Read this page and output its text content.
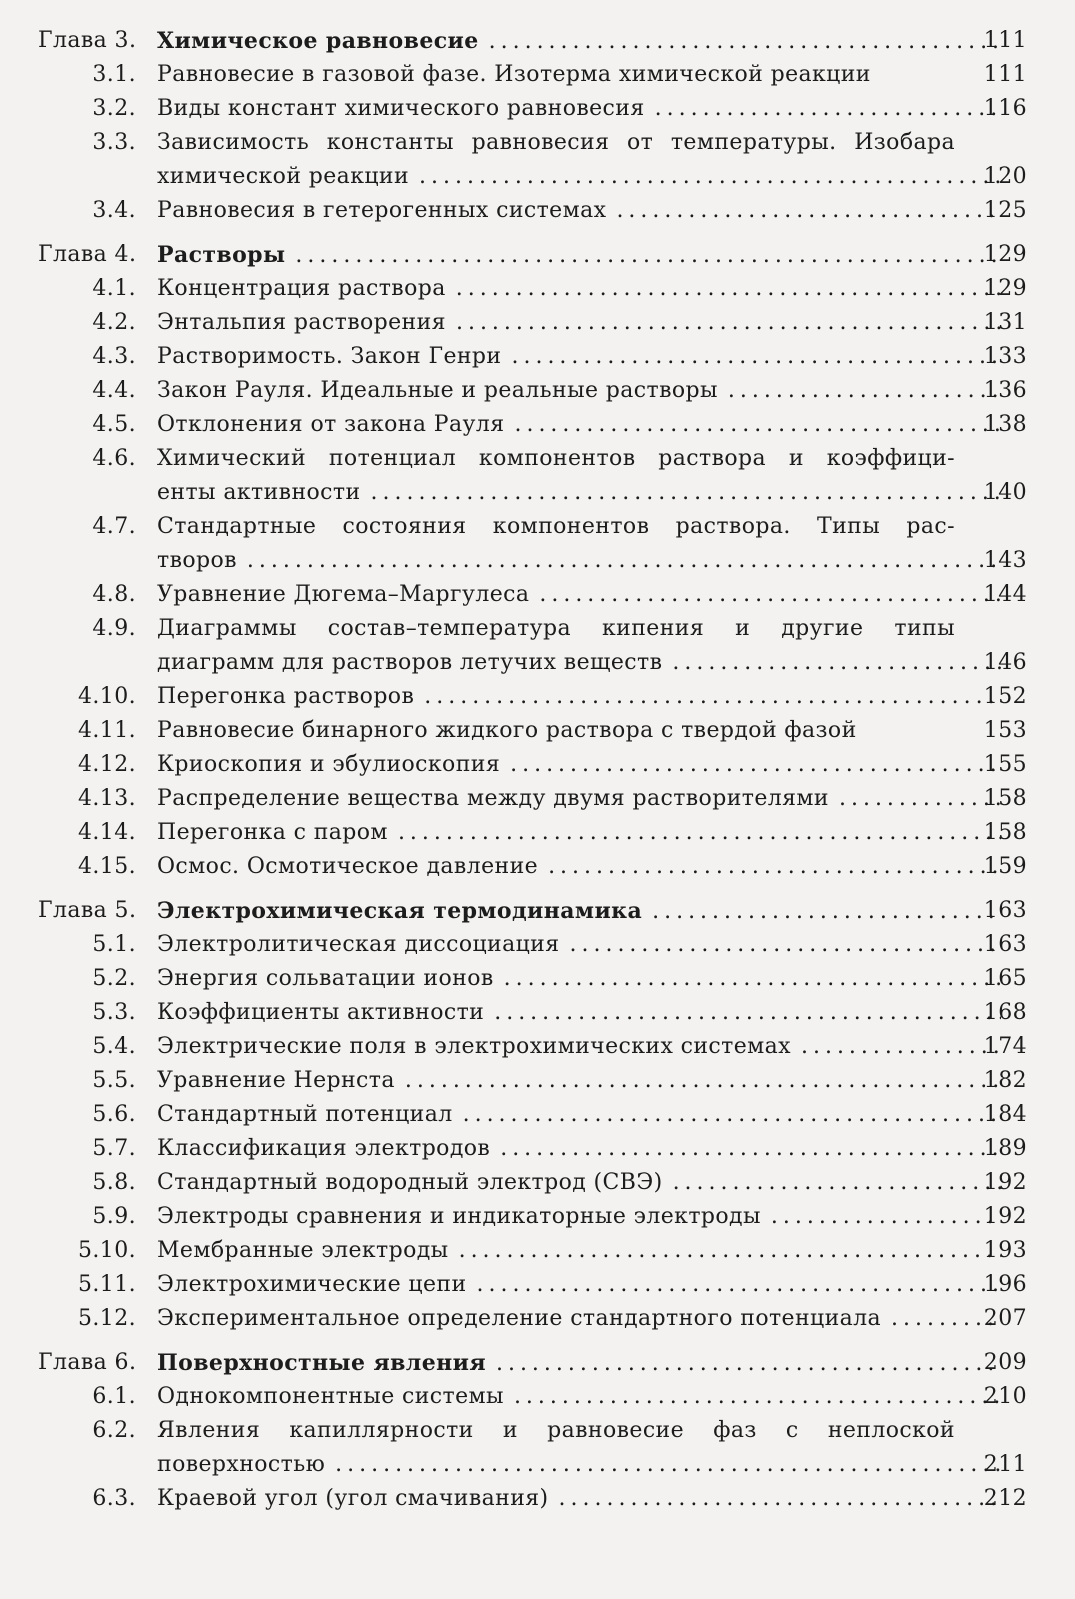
Глава 3. Химическое равновесие . . .	111
3.1. Равновесие в газовой фазе. Изотерма химической реакции	111
3.2. Виды констант химического равновесия . . .	116
3.3. Зависимость константы равновесия от температуры. Изобара
химической реакции . . .	120
3.4. Равновесия в гетерогенных системах . . .	125
Глава 4. Растворы . . .	129
4.1. Концентрация раствора . . .	129
4.2. Энтальпия растворения . . .	131
4.3. Растворимость. Закон Генри . . .	133
4.4. Закон Рауля. Идеальные и реальные растворы . . .	136
4.5. Отклонения от закона Рауля . . .	138
4.6. Химический потенциал компонентов раствора и коэффици-
енты активности . . .	140
4.7. Стандартные состояния компонентов раствора. Типы рас-
творов . . .	143
4.8. Уравнение Дюгема–Маргулеса . . .	144
4.9. Диаграммы состав–температура кипения и другие типы
диаграмм для растворов летучих веществ . . .	146
4.10. Перегонка растворов . . .	152
4.11. Равновесие бинарного жидкого раствора с твердой фазой	153
4.12. Криоскопия и эбулиоскопия . . .	155
4.13. Распределение вещества между двумя растворителями . . .	158
4.14. Перегонка с паром . . .	158
4.15. Осмос. Осмотическое давление . . .	159
Глава 5. Электрохимическая термодинамика . . .	163
5.1. Электролитическая диссоциация . . .	163
5.2. Энергия сольватации ионов . . .	165
5.3. Коэффициенты активности . . .	168
5.4. Электрические поля в электрохимических системах . . .	174
5.5. Уравнение Нернста . . .	182
5.6. Стандартный потенциал . . .	184
5.7. Классификация электродов . . .	189
5.8. Стандартный водородный электрод (СВЭ) . . .	192
5.9. Электроды сравнения и индикаторные электроды . . .	192
5.10. Мембранные электроды . . .	193
5.11. Электрохимические цепи . . .	196
5.12. Экспериментальное определение стандартного потенциала . . .	207
Глава 6. Поверхностные явления . . .	209
6.1. Однокомпонентные системы . . .	210
6.2. Явления капиллярности и равновесие фаз с неплоской
поверхностью . . .	211
6.3. Краевой угол (угол смачивания) . . .	212
